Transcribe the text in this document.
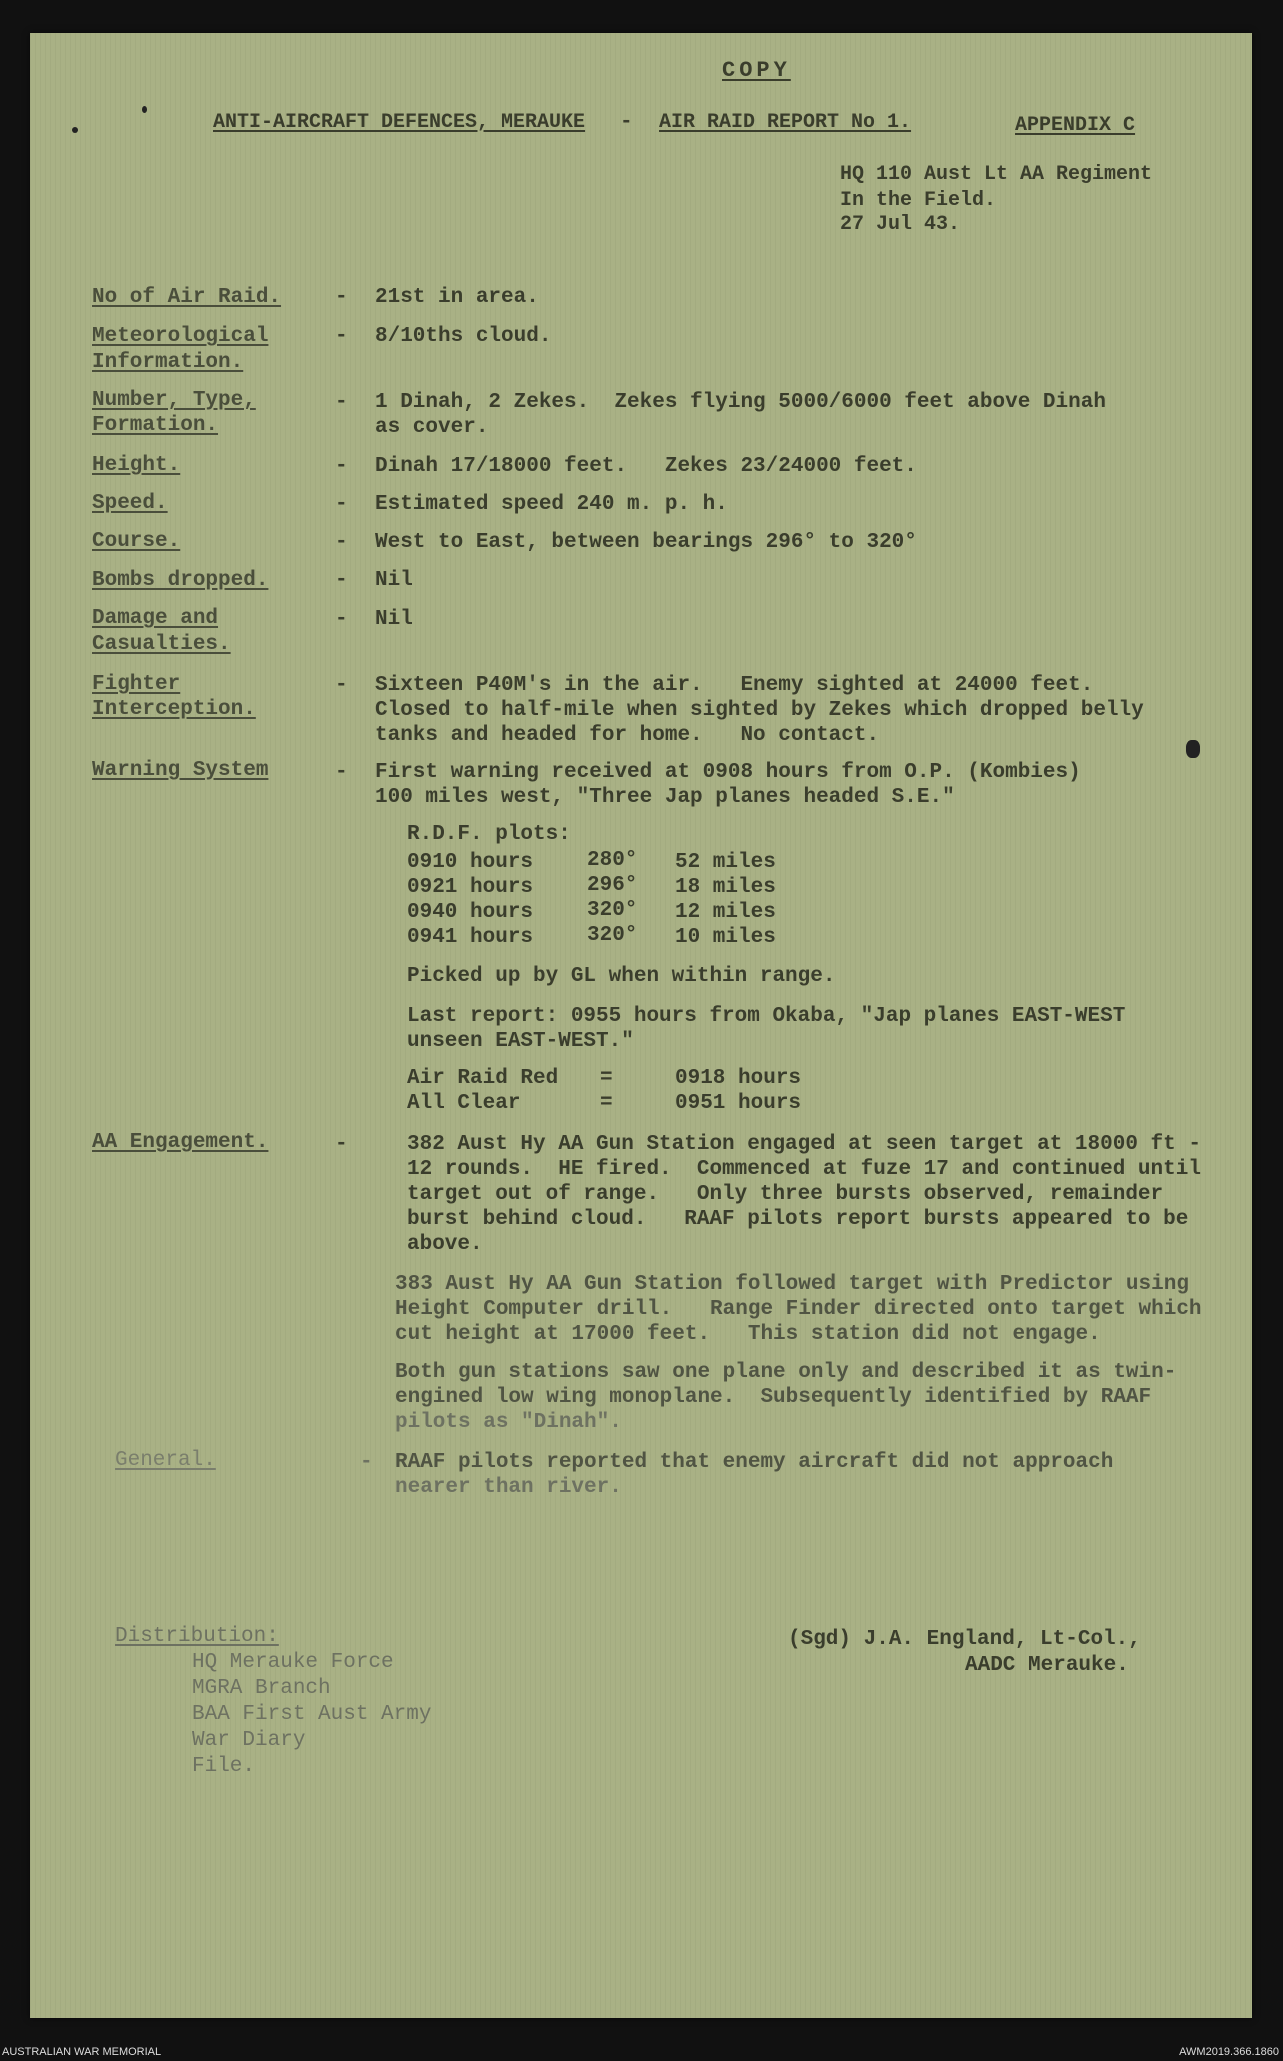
COPY
ANTI-AIRCRAFT DEFENCES, MERAUKE - AIR RAID REPORT No 1.	APPENDIX C
HQ 110 Aust Lt AA Regiment
In the Field.
27 Jul 43.
No of Air Raid.	- 21st in area.
Meteorological
Information.
- 8/10ths cloud.
Number, Type,
Formation.
- 1 Dinah, 2 Zekes.  Zekes flying 5000/6000 feet above Dinah
as cover.
Height.	- Dinah 17/18000 feet.   Zekes 23/24000 feet.
Speed.	- Estimated speed 240 m. p. h.
Course.	- West to East, between bearings 296° to 320°
Bombs dropped.	- Nil
Damage and
Casualties.
- Nil
Fighter
Interception.
- Sixteen P40M's in the air.   Enemy sighted at 24000 feet.
Closed to half-mile when sighted by Zekes which dropped belly
tanks and headed for home.   No contact.
Warning System	- First warning received at 0908 hours from O.P. (Kombies)
100 miles west, "Three Jap planes headed S.E."
R.D.F. plots:
0910 hours	280° 52 miles
0921 hours	296° 18 miles
0940 hours	320° 12 miles
0941 hours	320° 10 miles
Picked up by GL when within range.
Last report: 0955 hours from Okaba, "Jap planes EAST-WEST
unseen EAST-WEST."
Air Raid Red =	0918 hours
All Clear	=	0951 hours
AA Engagement.	-	382 Aust Hy AA Gun Station engaged at seen target at 18000 ft -
12 rounds.  HE fired.  Commenced at fuze 17 and continued until
target out of range.   Only three bursts observed, remainder
burst behind cloud.   RAAF pilots report bursts appeared to be
above.
383 Aust Hy AA Gun Station followed target with Predictor using
Height Computer drill.   Range Finder directed onto target which
cut height at 17000 feet.   This station did not engage.
Both gun stations saw one plane only and described it as twin-
engined low wing monoplane.  Subsequently identified by RAAF
pilots as "Dinah".
General.	- RAAF pilots reported that enemy aircraft did not approach
nearer than river.
Distribution:
HQ Merauke Force
MGRA Branch
BAA First Aust Army
War Diary
File.
(Sgd) J.A. England, Lt-Col.,
AADC Merauke.
AUSTRALIAN WAR MEMORIAL	AWM2019.366.1860
